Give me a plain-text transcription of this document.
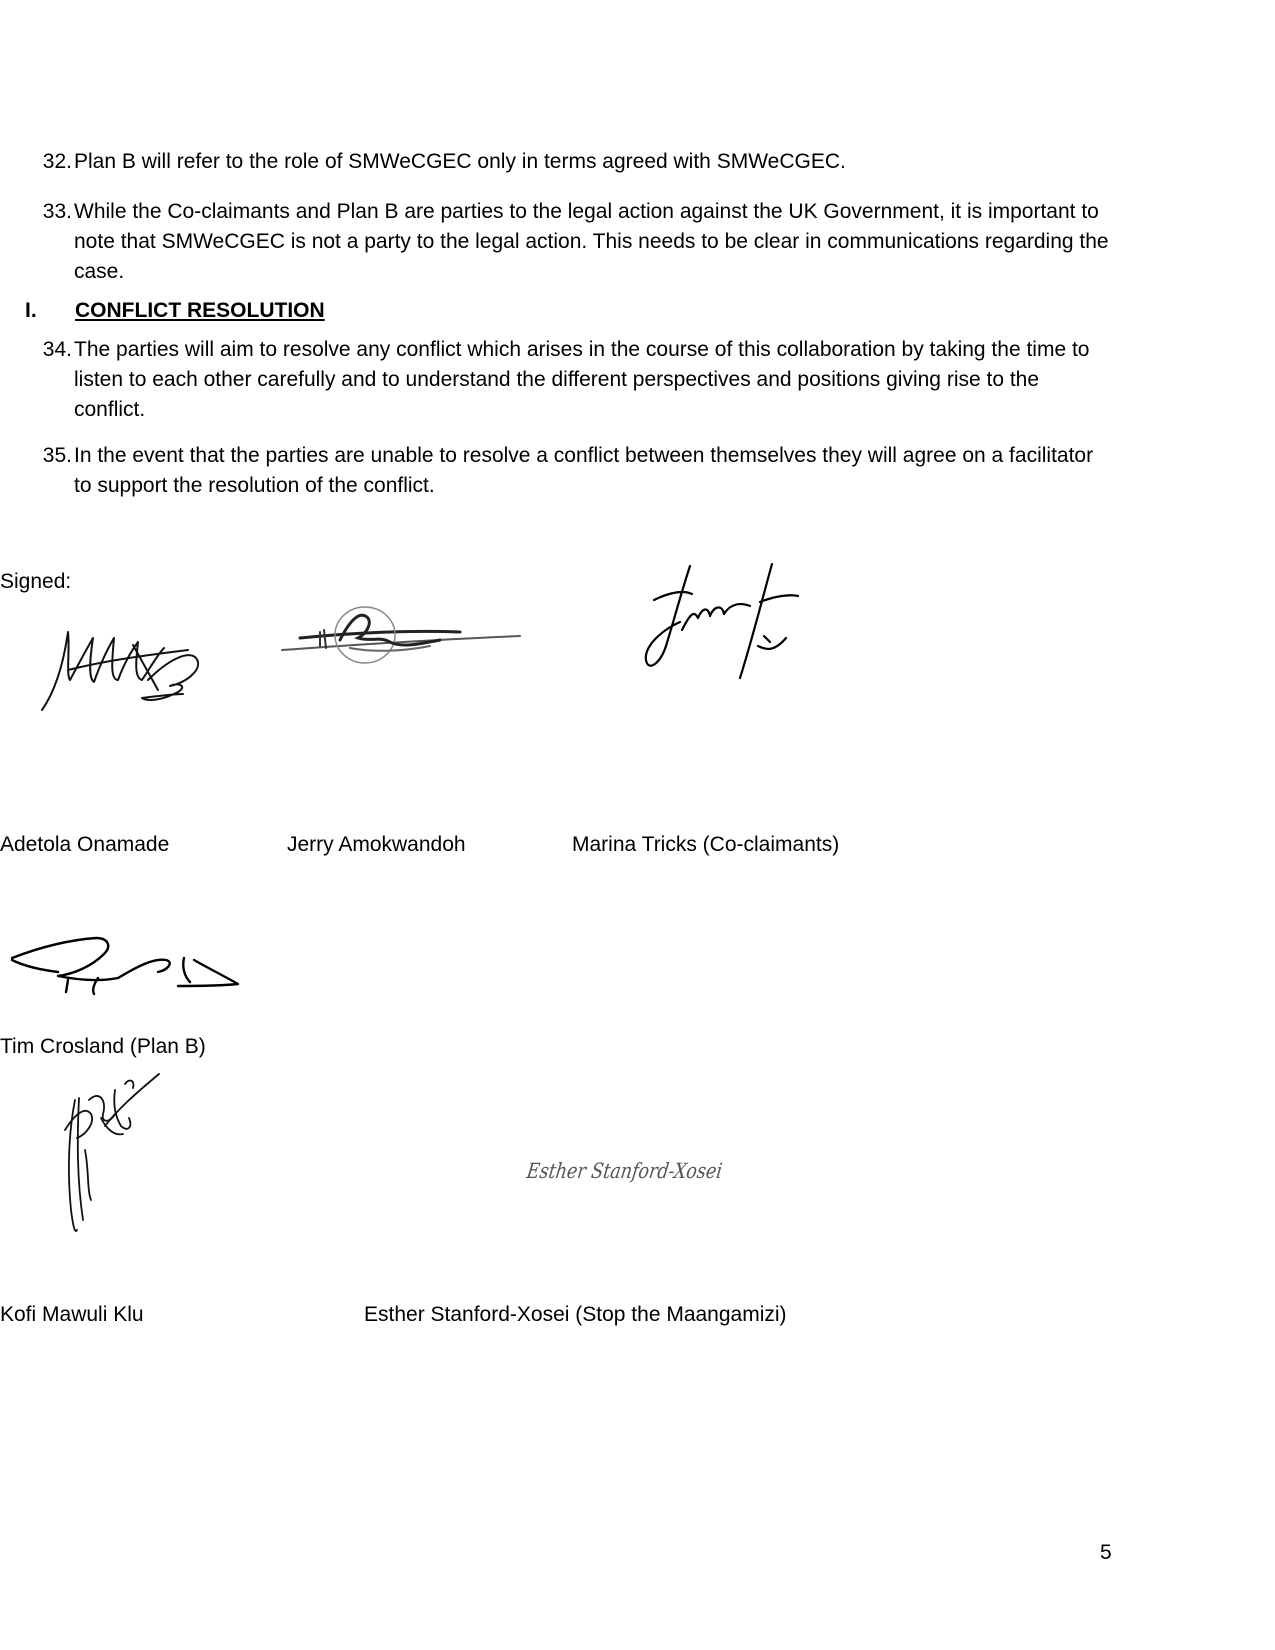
32. Plan B will refer to the role of SMWeCGEC only in terms agreed with SMWeCGEC.
33. While the Co-claimants and Plan B are parties to the legal action against the UK Government, it is important to note that SMWeCGEC is not a party to the legal action. This needs to be clear in communications regarding the case.
I. CONFLICT RESOLUTION
34. The parties will aim to resolve any conflict which arises in the course of this collaboration by taking the time to listen to each other carefully and to understand the different perspectives and positions giving rise to the conflict.
35. In the event that the parties are unable to resolve a conflict between themselves they will agree on a facilitator to support the resolution of the conflict.
Signed:
Adetola Onamade	Jerry Amokwandoh	Marina Tricks (Co-claimants)
Tim Crosland (Plan B)
Esther Stanford-Xosei
Kofi Mawuli Klu	Esther Stanford-Xosei (Stop the Maangamizi)
5
